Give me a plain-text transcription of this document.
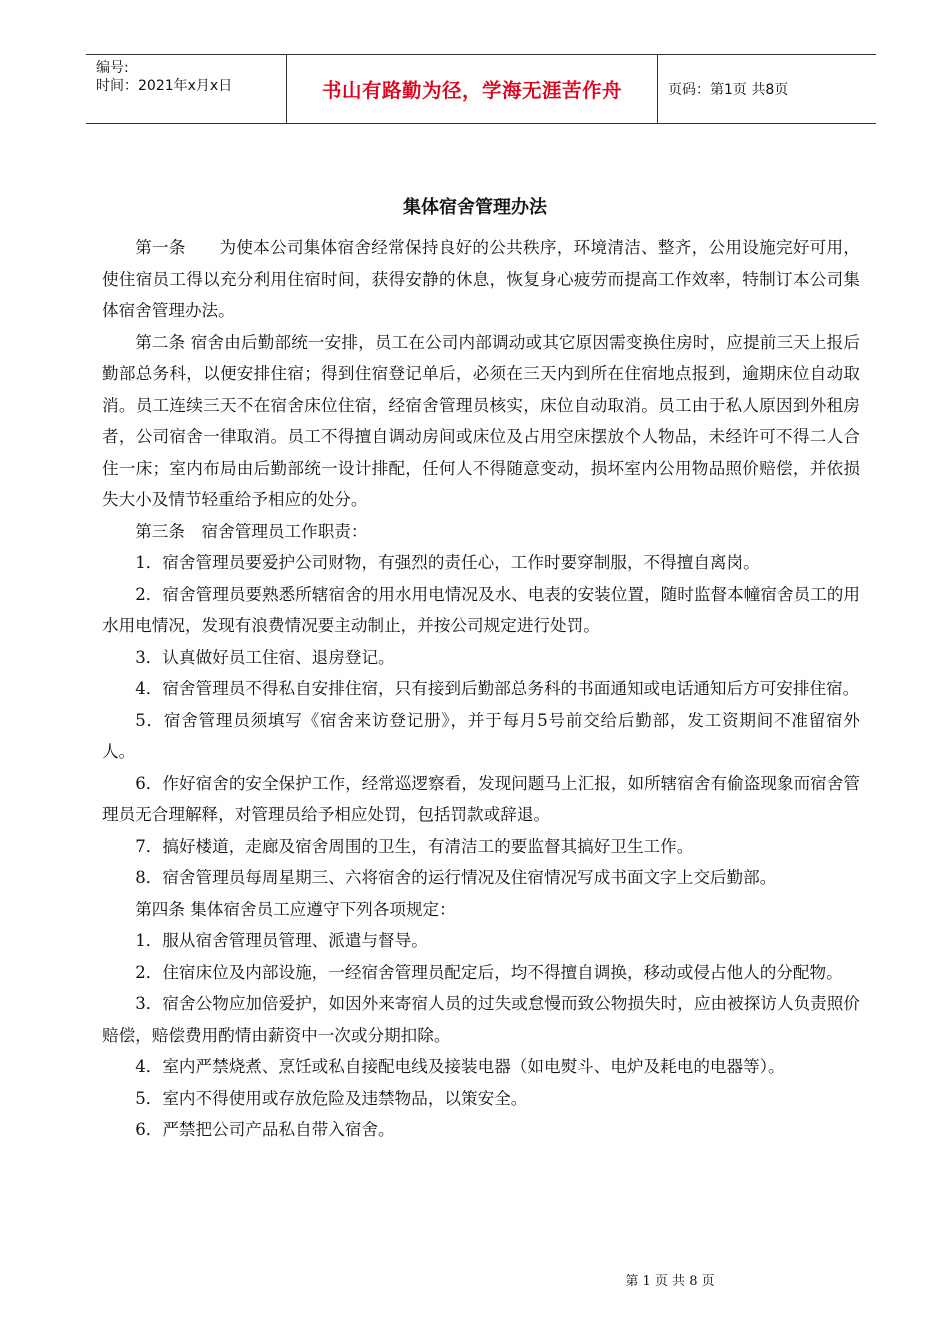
编号:
时间：2021年x月x日	书山有路勤为径，学海无涯苦作舟	页码：第1页 共8页
集体宿舍管理办法

第一条　　为使本公司集体宿舍经常保持良好的公共秩序，环境清洁、整齐，公用设施完好可用，使住宿员工得以充分利用住宿时间，获得安静的休息，恢复身心疲劳而提高工作效率，特制订本公司集体宿舍管理办法。

第二条 宿舍由后勤部统一安排，员工在公司内部调动或其它原因需变换住房时，应提前三天上报后勤部总务科，以便安排住宿；得到住宿登记单后，必须在三天内到所在住宿地点报到，逾期床位自动取消。员工连续三天不在宿舍床位住宿，经宿舍管理员核实，床位自动取消。员工由于私人原因到外租房者，公司宿舍一律取消。员工不得擅自调动房间或床位及占用空床摆放个人物品，未经许可不得二人合住一床；室内布局由后勤部统一设计排配，任何人不得随意变动，损坏室内公用物品照价赔偿，并依损失大小及情节轻重给予相应的处分。

第三条　宿舍管理员工作职责：

1．宿舍管理员要爱护公司财物，有强烈的责任心，工作时要穿制服，不得擅自离岗。

2．宿舍管理员要熟悉所辖宿舍的用水用电情况及水、电表的安装位置，随时监督本幢宿舍员工的用水用电情况，发现有浪费情况要主动制止，并按公司规定进行处罚。

3．认真做好员工住宿、退房登记。

4．宿舍管理员不得私自安排住宿，只有接到后勤部总务科的书面通知或电话通知后方可安排住宿。

5．宿舍管理员须填写《宿舍来访登记册》，并于每月5号前交给后勤部，发工资期间不准留宿外人。

6．作好宿舍的安全保护工作，经常巡逻察看，发现问题马上汇报，如所辖宿舍有偷盗现象而宿舍管理员无合理解释，对管理员给予相应处罚，包括罚款或辞退。

7．搞好楼道，走廊及宿舍周围的卫生，有清洁工的要监督其搞好卫生工作。

8．宿舍管理员每周星期三、六将宿舍的运行情况及住宿情况写成书面文字上交后勤部。

第四条 集体宿舍员工应遵守下列各项规定：

1．服从宿舍管理员管理、派遣与督导。

2．住宿床位及内部设施，一经宿舍管理员配定后，均不得擅自调换，移动或侵占他人的分配物。

3．宿舍公物应加倍爱护，如因外来寄宿人员的过失或怠慢而致公物损失时，应由被探访人负责照价赔偿，赔偿费用酌情由薪资中一次或分期扣除。

4．室内严禁烧煮、烹饪或私自接配电线及接装电器（如电熨斗、电炉及耗电的电器等）。

5．室内不得使用或存放危险及违禁物品，以策安全。

6．严禁把公司产品私自带入宿舍。

第 1 页 共 8 页
